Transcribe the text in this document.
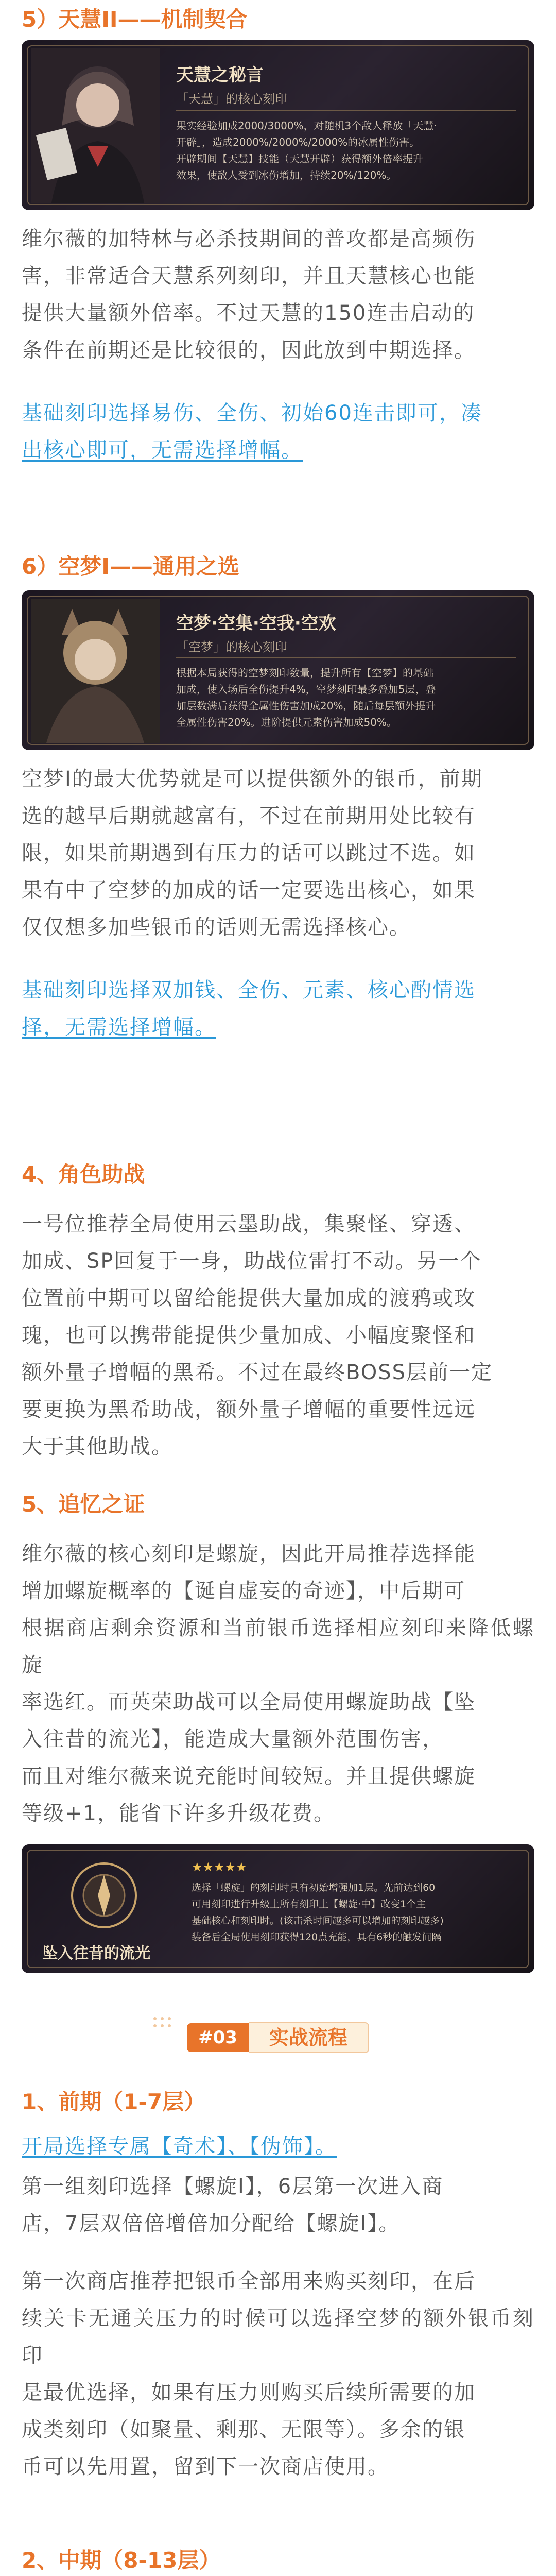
5）天慧II——机制契合
天慧之秘言
「天慧」的核心刻印
果实经验加成2000/3000%，对随机3个敌人释放「天慧·
开辟」，造成2000%/2000%/2000%的冰属性伤害。
开辟期间【天慧】技能（天慧开辟）获得额外倍率提升
效果，使敌人受到冰伤增加，持续20%/120%。

维尔薇的加特林与必杀技期间的普攻都是高频伤
害，非常适合天慧系列刻印，并且天慧核心也能
提供大量额外倍率。不过天慧的150连击启动的
条件在前期还是比较很的，因此放到中期选择。

基础刻印选择易伤、全伤、初始60连击即可，凑
出核心即可，无需选择增幅。

6）空梦I——通用之选
空梦·空集·空我·空欢
「空梦」的核心刻印
根据本局获得的空梦刻印数量，提升所有【空梦】的基础
加成，使入场后全伤提升4%，空梦刻印最多叠加5层，叠
加层数满后获得全属性伤害加成20%，随后每层额外提升
全属性伤害20%。进阶提供元素伤害加成50%。

空梦I的最大优势就是可以提供额外的银币，前期
选的越早后期就越富有，不过在前期用处比较有
限，如果前期遇到有压力的话可以跳过不选。如
果有中了空梦的加成的话一定要选出核心，如果
仅仅想多加些银币的话则无需选择核心。

基础刻印选择双加钱、全伤、元素、核心酌情选
择，无需选择增幅。

4、角色助战

一号位推荐全局使用云墨助战，集聚怪、穿透、
加成、SP回复于一身，助战位雷打不动。另一个
位置前中期可以留给能提供大量加成的渡鸦或玫
瑰，也可以携带能提供少量加成、小幅度聚怪和
额外量子增幅的黑希。不过在最终BOSS层前一定
要更换为黑希助战，额外量子增幅的重要性远远
大于其他助战。

5、追忆之证

维尔薇的核心刻印是螺旋，因此开局推荐选择能
增加螺旋概率的【诞自虚妄的奇迹】，中后期可
根据商店剩余资源和当前银币选择相应刻印来降低螺旋
率选红。而英荣助战可以全局使用螺旋助战【坠
入往昔的流光】，能造成大量额外范围伤害，
而且对维尔薇来说充能时间较短。并且提供螺旋
等级+1，能省下许多升级花费。

坠入往昔的流光
★★★★★
选择「螺旋」的刻印时具有初始增强加1层。先前达到60
可用刻印进行升级上所有刻印上【螺旋·中】改变1个主
基础核心和刻印时。(该击杀时间越多可以增加的刻印越多)
装备后全局使用刻印获得120点充能，具有6秒的触发间隔
#03	实战流程
1、前期（1-7层）

开局选择专属【奇术】、【伪饰】。

第一组刻印选择【螺旋I】，6层第一次进入商
店，7层双倍倍增倍加分配给【螺旋I】。

第一次商店推荐把银币全部用来购买刻印，在后
续关卡无通关压力的时候可以选择空梦的额外银币刻印
是最优选择，如果有压力则购买后续所需要的加
成类刻印（如聚量、剩那、无限等）。多余的银
币可以先用置，留到下一次商店使用。

2、中期（8-13层）
